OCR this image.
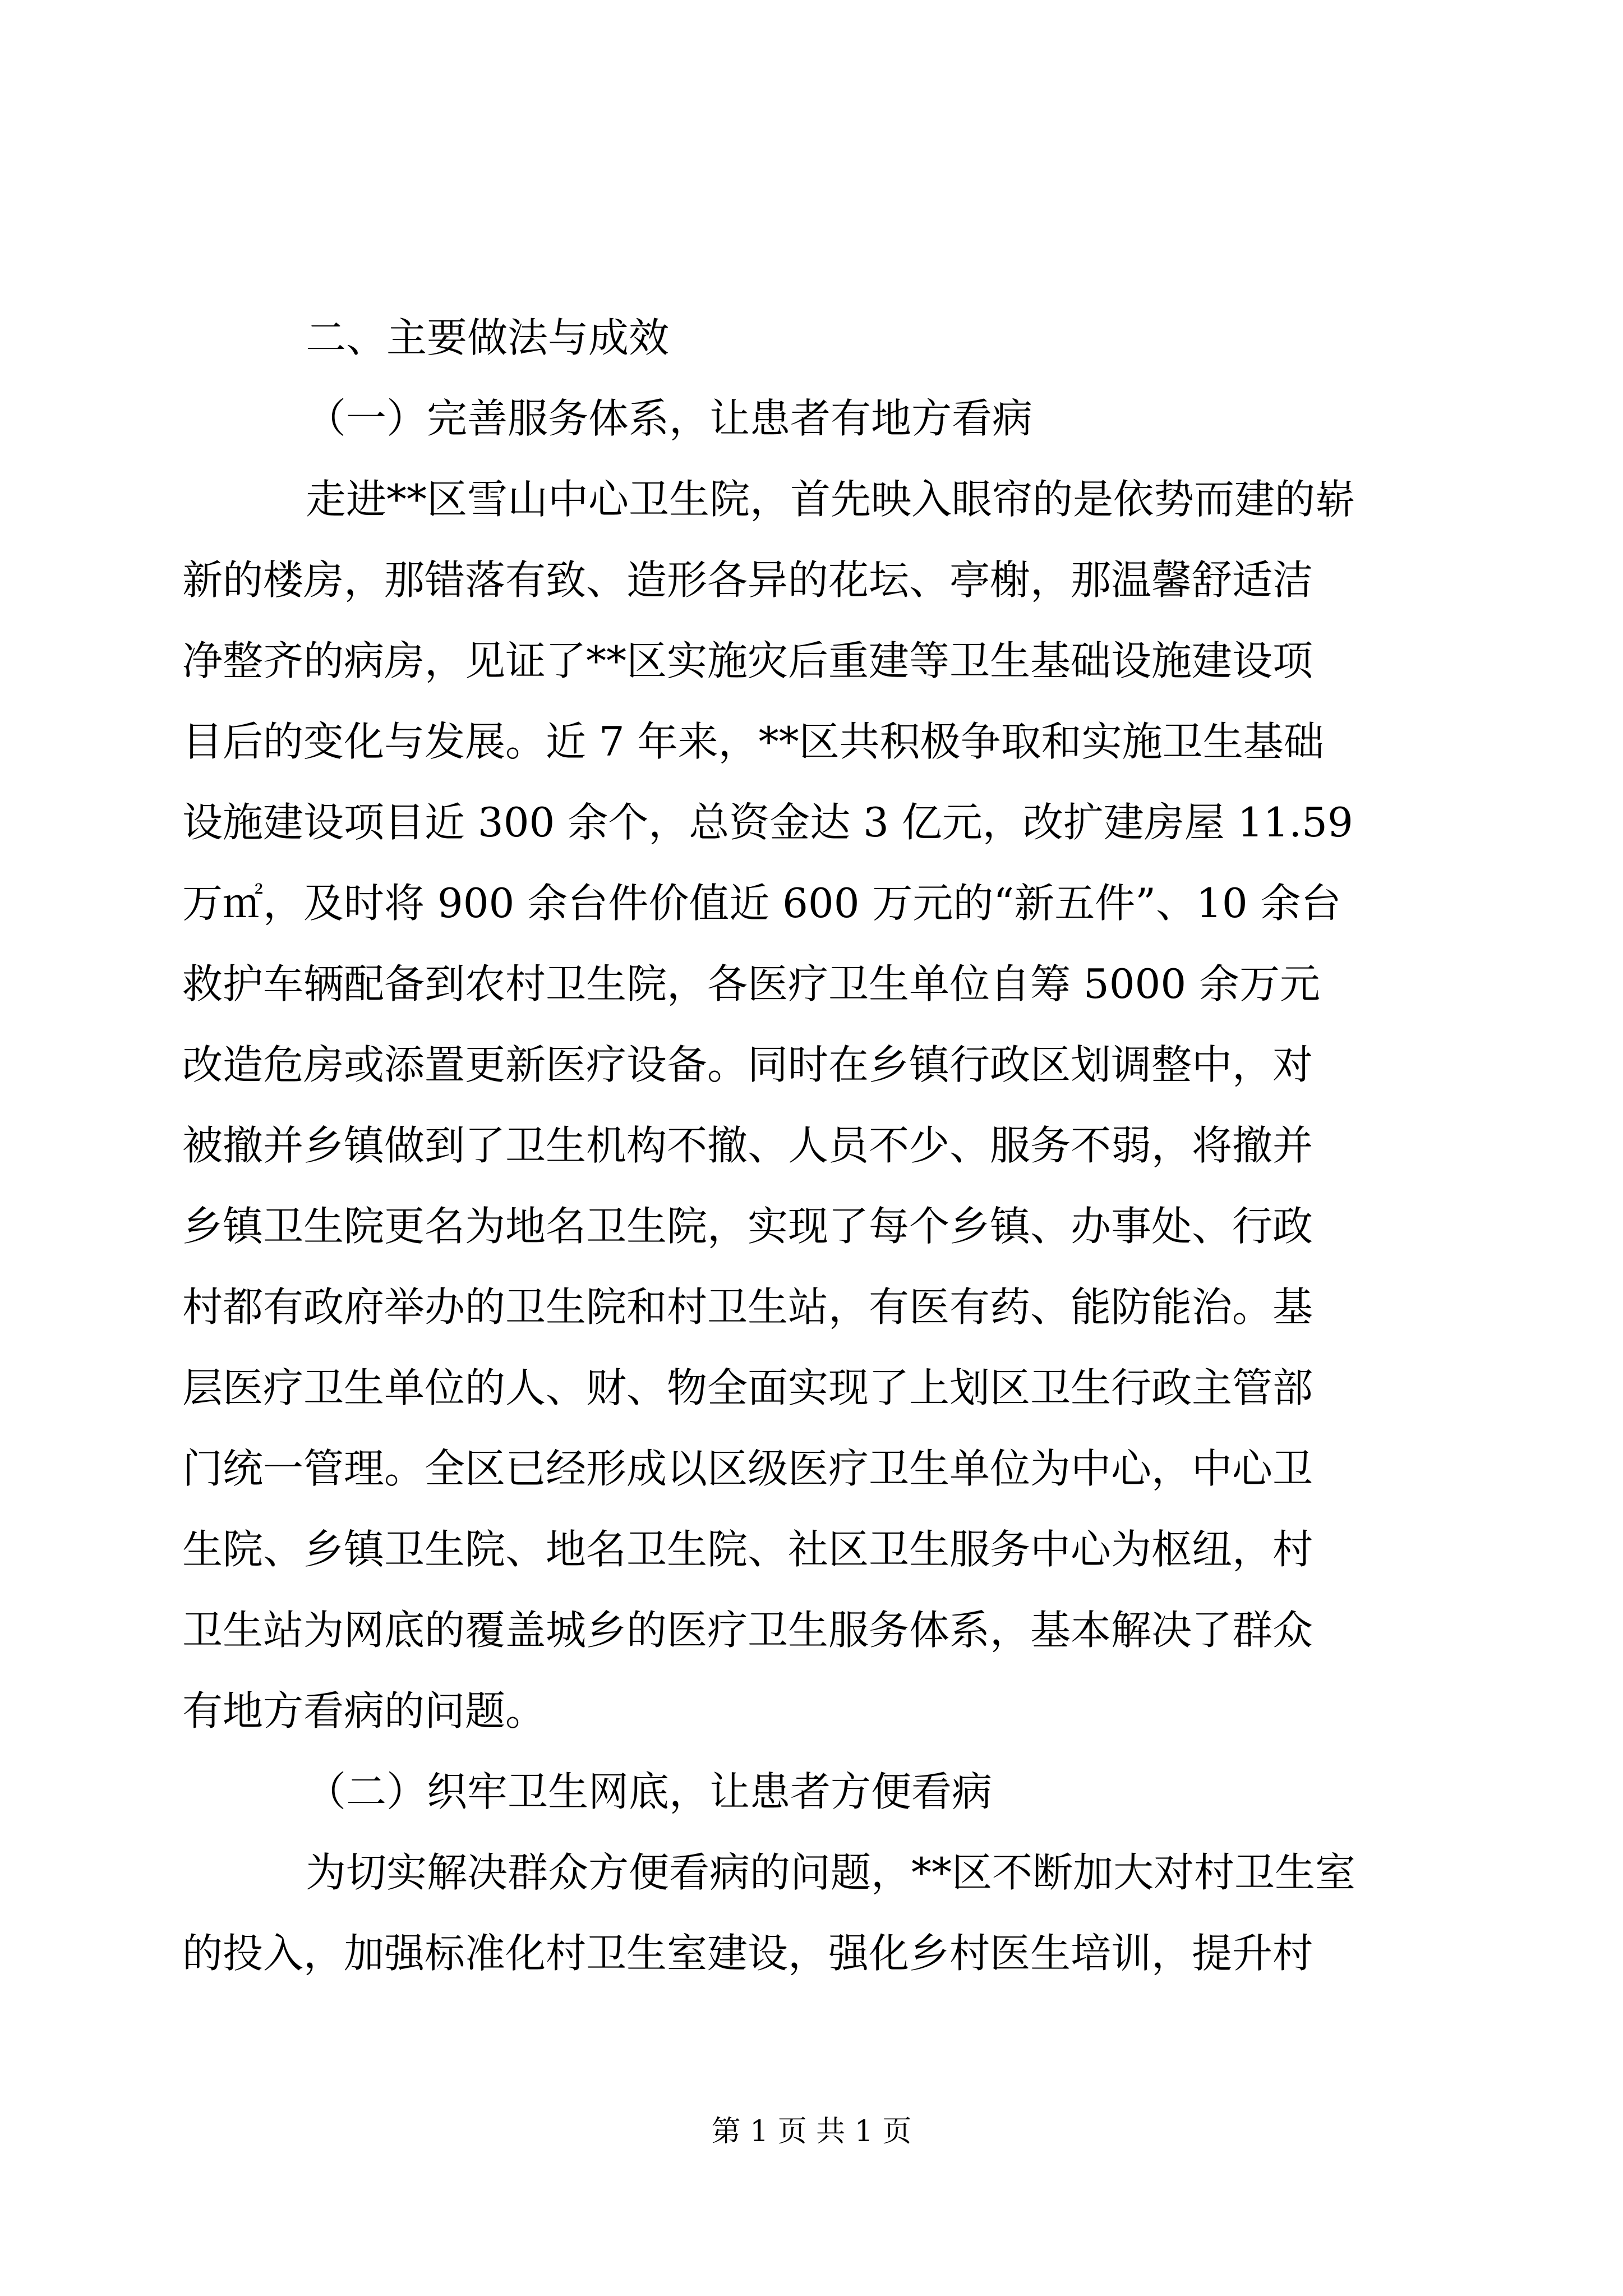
二、主要做法与成效

（一）完善服务体系，让患者有地方看病

走进**区雪山中心卫生院，首先映入眼帘的是依势而建的崭
新的楼房，那错落有致、造形各异的花坛、亭榭，那温馨舒适洁
净整齐的病房，见证了**区实施灾后重建等卫生基础设施建设项
目后的变化与发展。近 7 年来，**区共积极争取和实施卫生基础
设施建设项目近 300 余个，总资金达 3 亿元，改扩建房屋 11.59
万㎡，及时将 900 余台件价值近 600 万元的“新五件”、10 余台
救护车辆配备到农村卫生院，各医疗卫生单位自筹 5000 余万元
改造危房或添置更新医疗设备。同时在乡镇行政区划调整中，对
被撤并乡镇做到了卫生机构不撤、人员不少、服务不弱，将撤并
乡镇卫生院更名为地名卫生院，实现了每个乡镇、办事处、行政
村都有政府举办的卫生院和村卫生站，有医有药、能防能治。基
层医疗卫生单位的人、财、物全面实现了上划区卫生行政主管部
门统一管理。全区已经形成以区级医疗卫生单位为中心，中心卫
生院、乡镇卫生院、地名卫生院、社区卫生服务中心为枢纽，村
卫生站为网底的覆盖城乡的医疗卫生服务体系，基本解决了群众
有地方看病的问题。

（二）织牢卫生网底，让患者方便看病

为切实解决群众方便看病的问题，**区不断加大对村卫生室
的投入，加强标准化村卫生室建设，强化乡村医生培训，提升村
第 1 页 共 1 页
